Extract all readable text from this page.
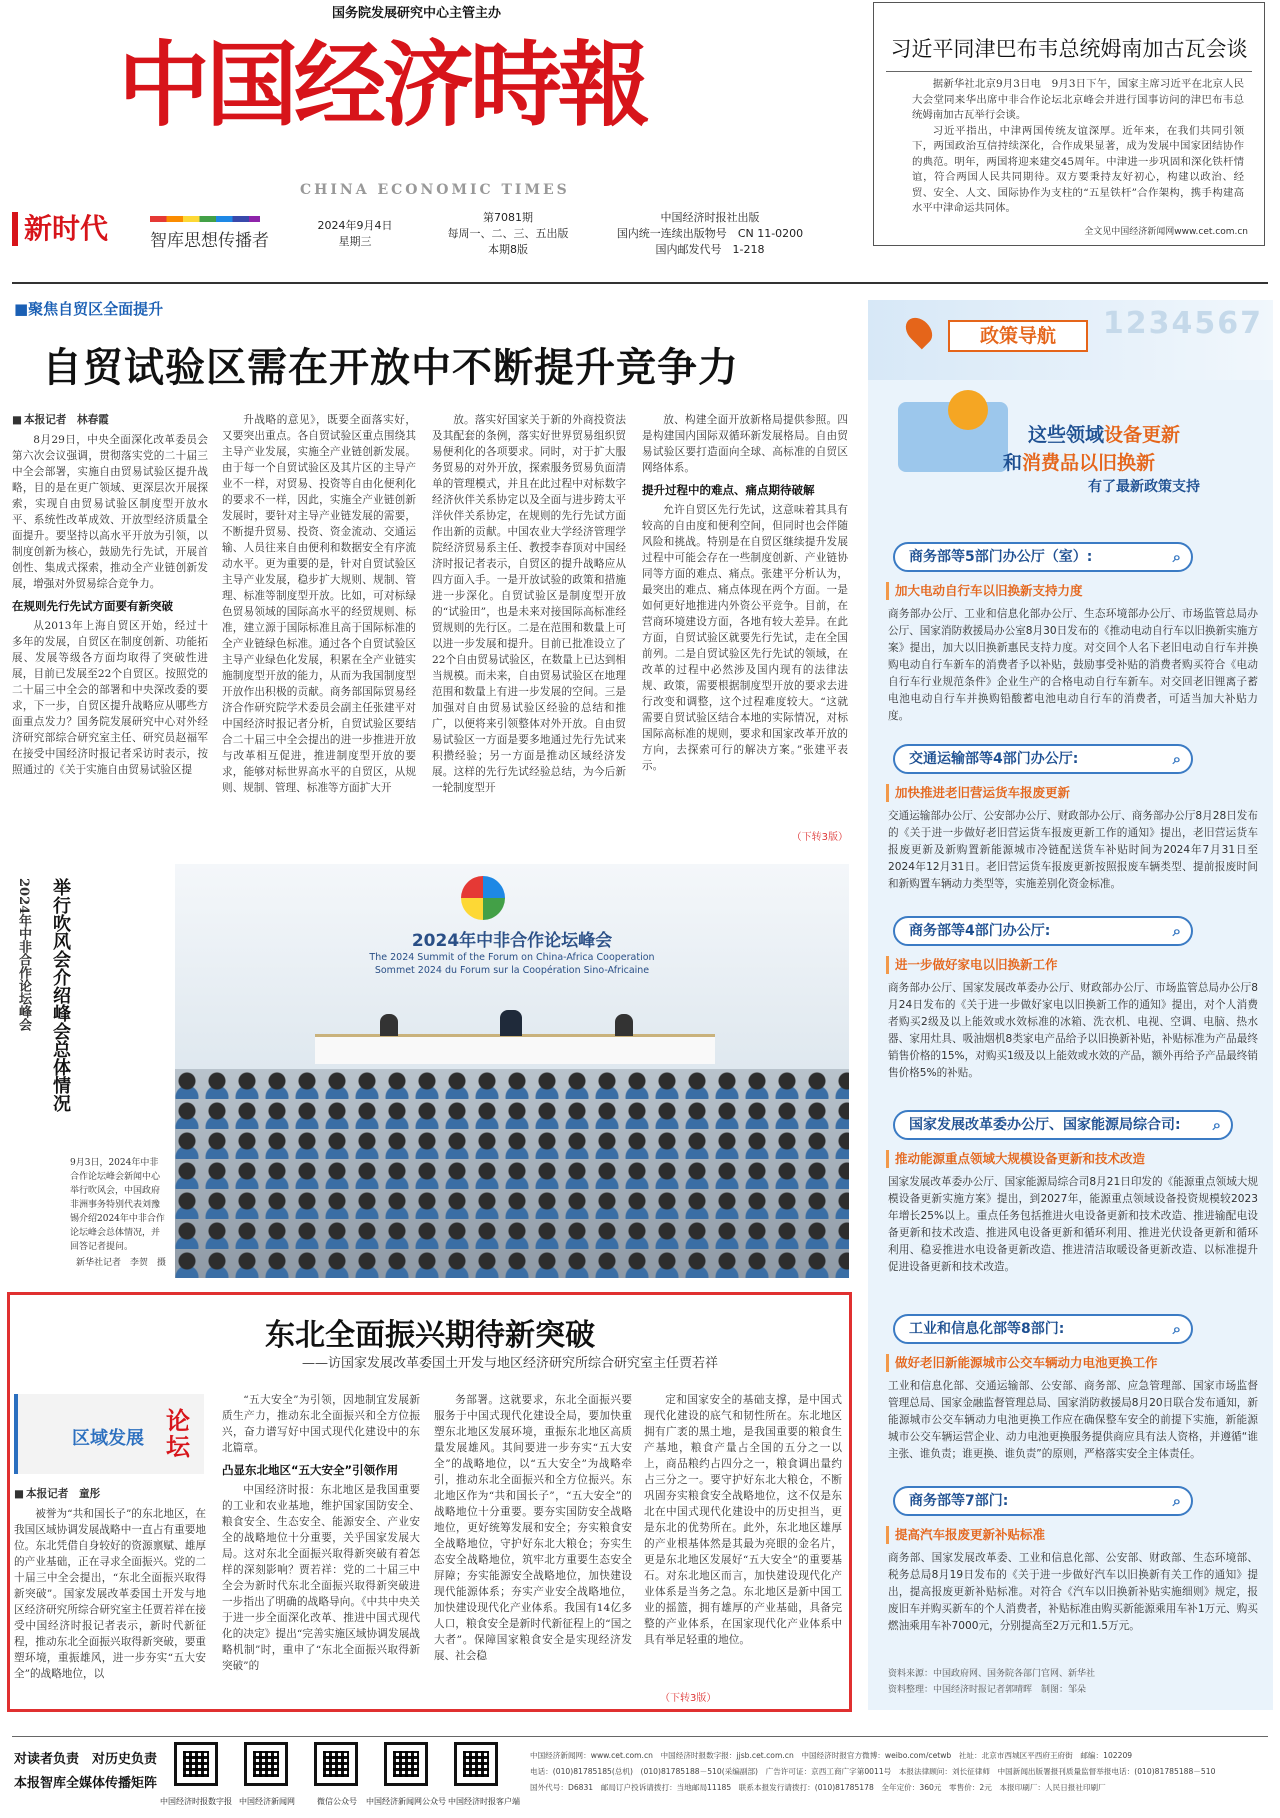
国务院发展研究中心主管主办
中国经济時報
CHINA ECONOMIC TIMES
新时代 智库思想传播者
2024年9月4日
星期三
第7081期
每周一、二、三、五出版
本期8版
中国经济时报社出版
国内统一连续出版物号　 CN 11-0200
国内邮发代号　 1-218
习近平同津巴布韦总统姆南加古瓦会谈

据新华社北京9月3日电　9月3日下午，国家主席习近平在北京人民大会堂同来华出席中非合作论坛北京峰会并进行国事访问的津巴布韦总统姆南加古瓦举行会谈。

习近平指出，中津两国传统友谊深厚。近年来，在我们共同引领下，两国政治互信持续深化，合作成果显著，成为发展中国家团结协作的典范。明年，两国将迎来建交45周年。中津进一步巩固和深化铁杆情谊，符合两国人民共同期待。双方要秉持友好初心，构建以政治、经贸、安全、人文、国际协作为支柱的“五星铁杆”合作架构，携手构建高水平中津命运共同体。

全文见中国经济新闻网www.cet.com.cn
■聚焦自贸区全面提升
自贸试验区需在开放中不断提升竞争力

■ 本报记者　林春霞

8月29日，中央全面深化改革委员会第六次会议强调，贯彻落实党的二十届三中全会部署，实施自由贸易试验区提升战略，目的是在更广领域、更深层次开展探索，实现自由贸易试验区制度型开放水平、系统性改革成效、开放型经济质量全面提升。要坚持以高水平开放为引领，以制度创新为核心，鼓励先行先试，开展首创性、集成式探索，推动全产业链创新发展，增强对外贸易综合竞争力。

在规则先行先试方面要有新突破

从2013年上海自贸区开始，经过十多年的发展，自贸区在制度创新、功能拓展、发展等级各方面均取得了突破性进展，目前已发展至22个自贸区。按照党的二十届三中全会的部署和中央深改委的要求，下一步，自贸区提升战略应从哪些方面重点发力？国务院发展研究中心对外经济研究部综合研究室主任、研究员赵福军在接受中国经济时报记者采访时表示，按照通过的《关于实施自由贸易试验区提

升战略的意见》，既要全面落实好，又要突出重点。各自贸试验区重点围绕其主导产业发展，实施全产业链创新发展。由于每一个自贸试验区及其片区的主导产业不一样，对贸易、投资等自由化便利化的要求不一样，因此，实施全产业链创新发展时，要针对主导产业链发展的需要，不断提升贸易、投资、资金流动、交通运输、人员往来自由便利和数据安全有序流动水平。更为重要的是，针对自贸试验区主导产业发展，稳步扩大规则、规制、管理、标准等制度型开放。比如，可对标绿色贸易领域的国际高水平的经贸规则、标准，建立源于国际标准且高于国际标准的全产业链绿色标准。通过各个自贸试验区主导产业绿色化发展，积累在全产业链实施制度型开放的能力，从而为我国制度型开放作出积极的贡献。商务部国际贸易经济合作研究院学术委员会副主任张建平对中国经济时报记者分析，自贸试验区要结合二十届三中全会提出的进一步推进开放与改革相互促进，推进制度型开放的要求，能够对标世界高水平的自贸区，从规则、规制、管理、标准等方面扩大开

放。落实好国家关于新的外商投资法及其配套的条例，落实好世界贸易组织贸易便利化的各项要求。同时，对于扩大服务贸易的对外开放，探索服务贸易负面清单的管理模式，并且在此过程中对标数字经济伙伴关系协定以及全面与进步跨太平洋伙伴关系协定，在规则的先行先试方面作出新的贡献。中国农业大学经济管理学院经济贸易系主任、教授李春顶对中国经济时报记者表示，自贸区的提升战略应从四方面入手。一是开放试验的政策和措施进一步深化。自贸试验区是制度型开放的“试验田”，也是未来对接国际高标准经贸规则的先行区。二是在范围和数量上可以进一步发展和提升。目前已批准设立了22个自由贸易试验区，在数量上已达到相当规模。而未来，自由贸易试验区在地理范围和数量上有进一步发展的空间。三是加强对自由贸易试验区经验的总结和推广，以便将来引领整体对外开放。自由贸易试验区一方面是要多地通过先行先试来积攒经验；另一方面是推动区域经济发展。这样的先行先试经验总结，为今后新一轮制度型开

放、构建全面开放新格局提供参照。四是构建国内国际双循环新发展格局。自由贸易试验区要打造面向全球、高标准的自贸区网络体系。

提升过程中的难点、痛点期待破解

允许自贸区先行先试，这意味着其具有较高的自由度和便利空间，但同时也会伴随风险和挑战。特别是在自贸区继续提升发展过程中可能会存在一些制度创新、产业链协同等方面的难点、痛点。张建平分析认为，最突出的难点、痛点体现在两个方面。一是如何更好地推进内外资公平竞争。目前，在营商环境建设方面，各地有较大差异。在此方面，自贸试验区就要先行先试，走在全国前列。二是自贸试验区先行先试的领域，在改革的过程中必然涉及国内现有的法律法规、政策，需要根据制度型开放的要求去进行改变和调整，这个过程难度较大。“这就需要自贸试验区结合本地的实际情况，对标国际高标准的规则，要求和国家改革开放的方向，去探索可行的解决方案。”张建平表示。

（下转3版）
举行吹风会介绍峰会总体情况
2024年中非合作论坛峰会

9月3日，2024年中非合作论坛峰会新闻中心举行吹风会，中国政府非洲事务特别代表刘豫锡介绍2024年中非合作论坛峰会总体情况，并回答记者提问。

新华社记者　李贺　摄

2024年中非合作论坛峰会
The 2024 Summit of the Forum on China-Africa Cooperation
Sommet 2024 du Forum sur la Coopération Sino-Africaine
东北全面振兴期待新突破
——访国家发展改革委国土开发与地区经济研究所综合研究室主任贾若祥
区域发展
论坛

■ 本报记者　童彤

被誉为“共和国长子”的东北地区，在我国区域协调发展战略中一直占有重要地位。东北凭借自身较好的资源禀赋、雄厚的产业基础，正在寻求全面振兴。党的二十届三中全会提出，“东北全面振兴取得新突破”。国家发展改革委国土开发与地区经济研究所综合研究室主任贾若祥在接受中国经济时报记者表示，新时代新征程，推动东北全面振兴取得新突破，要重塑环境，重振雄风，进一步夯实“五大安全”的战略地位，以

“五大安全”为引领，因地制宜发展新质生产力，推动东北全面振兴和全方位振兴，奋力谱写好中国式现代化建设中的东北篇章。

凸显东北地区“五大安全”引领作用

中国经济时报：东北地区是我国重要的工业和农业基地，维护国家国防安全、粮食安全、生态安全、能源安全、产业安全的战略地位十分重要，关乎国家发展大局。这对东北全面振兴取得新突破有着怎样的深刻影响？贾若祥：党的二十届三中全会为新时代东北全面振兴取得新突破进一步指出了明确的战略导向。《中共中央关于进一步全面深化改革、推进中国式现代化的决定》提出“完善实施区域协调发展战略机制”时，重申了“东北全面振兴取得新突破”的

务部署。这就要求，东北全面振兴要服务于中国式现代化建设全局，要加快重塑东北地区发展环境，重振东北地区高质量发展雄风。其间要进一步夯实“五大安全”的战略地位，以“五大安全”为战略牵引，推动东北全面振兴和全方位振兴。东北地区作为“共和国长子”，“五大安全”的战略地位十分重要。要夯实国防安全战略地位，更好统筹发展和安全；夯实粮食安全战略地位，守护好东北大粮仓；夯实生态安全战略地位，筑牢北方重要生态安全屏障；夯实能源安全战略地位，加快建设现代能源体系；夯实产业安全战略地位，加快建设现代化产业体系。我国有14亿多人口，粮食安全是新时代新征程上的“国之大者”。保障国家粮食安全是实现经济发展、社会稳

定和国家安全的基础支撑，是中国式现代化建设的底气和韧性所在。东北地区拥有广袤的黑土地，是我国重要的粮食生产基地，粮食产量占全国的五分之一以上，商品粮约占四分之一，粮食调出量约占三分之一。要守护好东北大粮仓，不断巩固夯实粮食安全战略地位，这不仅是东北在中国式现代化建设中的历史担当，更是东北的优势所在。此外，东北地区雄厚的产业根基体然是其最为亮眼的金名片，更是东北地区发展好“五大安全”的重要基石。对东北地区而言，加快建设现代化产业体系是当务之急。东北地区是新中国工业的摇篮，拥有雄厚的产业基础，具备完整的产业体系，在国家现代化产业体系中具有举足轻重的地位。

（下转3版）
政策导航	1234567
这些领域设备更新
和消费品以旧换新
有了最新政策支持
商务部等5部门办公厅（室）:	⌕
加大电动自行车以旧换新支持力度
商务部办公厅、工业和信息化部办公厅、生态环境部办公厅、市场监管总局办公厅、国家消防救援局办公室8月30日发布的《推动电动自行车以旧换新实施方案》提出，加大以旧换新惠民支持力度。对交回个人名下老旧电动自行车并换购电动自行车新车的消费者予以补贴，鼓励事受补贴的消费者购买符合《电动自行车行业规范条件》企业生产的合格电动自行车新车。对交回老旧锂离子蓄电池电动自行车并换购铅酸蓄电池电动自行车的消费者，可适当加大补贴力度。
交通运输部等4部门办公厅:	⌕
加快推进老旧营运货车报废更新
交通运输部办公厅、公安部办公厅、财政部办公厅、商务部办公厅8月28日发布的《关于进一步做好老旧营运货车报废更新工作的通知》提出，老旧营运货车报废更新及新购置新能源城市冷链配送货车补贴时间为2024年7月31日至2024年12月31日。老旧营运货车报废更新按照报废车辆类型、提前报废时间和新购置车辆动力类型等，实施差别化资金标准。
商务部等4部门办公厅:	⌕
进一步做好家电以旧换新工作
商务部办公厅、国家发展改革委办公厅、财政部办公厅、市场监管总局办公厅8月24日发布的《关于进一步做好家电以旧换新工作的通知》提出，对个人消费者购买2级及以上能效或水效标准的冰箱、洗衣机、电视、空调、电脑、热水器、家用灶具、吸油烟机8类家电产品给予以旧换新补贴，补贴标准为产品最终销售价格的15%，对购买1级及以上能效或水效的产品，额外再给予产品最终销售价格5%的补贴。
国家发展改革委办公厅、国家能源局综合司: ⌕
推动能源重点领域大规模设备更新和技术改造
国家发展改革委办公厅、国家能源局综合司8月21日印发的《能源重点领域大规模设备更新实施方案》提出，到2027年，能源重点领域设备投资规模较2023年增长25%以上。重点任务包括推进火电设备更新和技术改造、推进输配电设备更新和技术改造、推进风电设备更新和循环利用、推进光伏设备更新和循环利用、稳妥推进水电设备更新改造、推进清洁取暖设备更新改造、以标准提升促进设备更新和技术改造。
工业和信息化部等8部门:	⌕
做好老旧新能源城市公交车辆动力电池更换工作
工业和信息化部、交通运输部、公安部、商务部、应急管理部、国家市场监督管理总局、国家金融监督管理总局、国家消防救援局8月20日联合发布通知，新能源城市公交车辆动力电池更换工作应在确保整车安全的前提下实施，新能源城市公交车辆运营企业、动力电池更换服务提供商应具有法人资格，并遵循“谁主张、谁负责；谁更换、谁负责”的原则，严格落实安全主体责任。
商务部等7部门:	⌕
提高汽车报废更新补贴标准
商务部、国家发展改革委、工业和信息化部、公安部、财政部、生态环境部、税务总局8月19日发布的《关于进一步做好汽车以旧换新有关工作的通知》提出，提高报废更新补贴标准。对符合《汽车以旧换新补贴实施细则》规定，报废旧车并购买新车的个人消费者，补贴标准由购买新能源乘用车补1万元、购买燃油乘用车补7000元，分别提高至2万元和1.5万元。
资料来源：中国政府网、国务院各部门官网、新华社
资料整理：中国经济时报记者郭晴晖　制图：邹朵
对读者负责　对历史负责
本报智库全媒体传播矩阵
中国经济时报数字报 中国经济新闻网	微信公众号	中国经济新闻网公众号 中国经济时报客户端
中国经济新闻网：www.cet.com.cn　中国经济时报数字报：jjsb.cet.com.cn　中国经济时报官方微博：weibo.com/cetwb　社址：北京市西城区平西府王府街　邮编：102209
电话：(010)81785185(总机)　(010)81785188－510(采编副部)　广告许可证：京西工商广字第0011号　本报法律顾问：刘长征律师　中国新闻出版署报刊质量监督举报电话：(010)81785188－510
国外代号：D6831　邮局订户投诉请拨打：当地邮局11185　联系本报发行请拨打：(010)81785178　全年定价：360元　零售价：2元　本报印刷厂：人民日报社印刷厂
